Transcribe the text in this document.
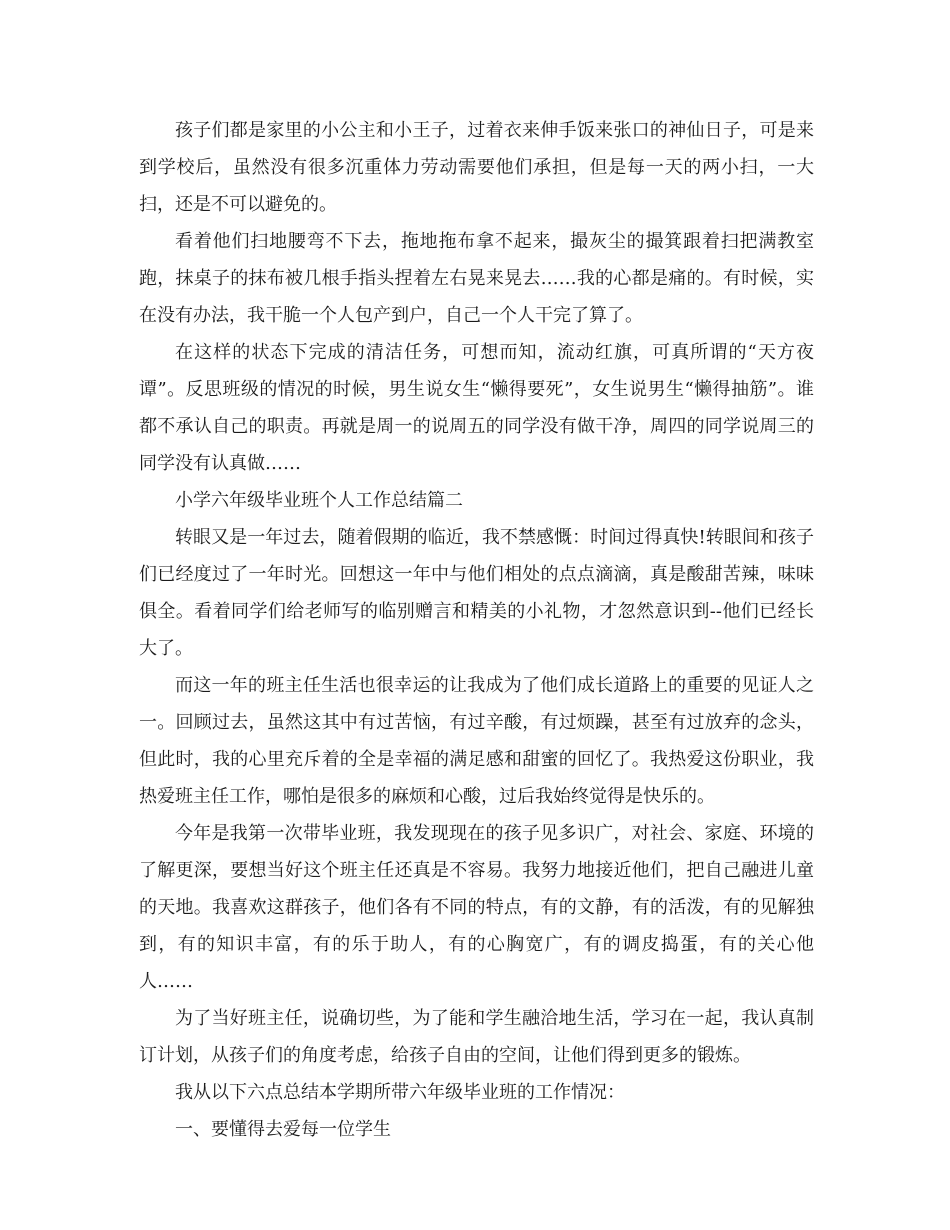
孩子们都是家里的小公主和小王子，过着衣来伸手饭来张口的神仙日子，可是来到学校后，虽然没有很多沉重体力劳动需要他们承担，但是每一天的两小扫，一大扫，还是不可以避免的。

看着他们扫地腰弯不下去，拖地拖布拿不起来，撮灰尘的撮箕跟着扫把满教室跑，抹桌子的抹布被几根手指头捏着左右晃来晃去……我的心都是痛的。有时候，实在没有办法，我干脆一个人包产到户，自己一个人干完了算了。

在这样的状态下完成的清洁任务，可想而知，流动红旗，可真所谓的“天方夜谭”。反思班级的情况的时候，男生说女生“懒得要死”，女生说男生“懒得抽筋”。谁都不承认自己的职责。再就是周一的说周五的同学没有做干净，周四的同学说周三的同学没有认真做……

小学六年级毕业班个人工作总结篇二

转眼又是一年过去，随着假期的临近，我不禁感慨：时间过得真快!转眼间和孩子们已经度过了一年时光。回想这一年中与他们相处的点点滴滴，真是酸甜苦辣，味味俱全。看着同学们给老师写的临别赠言和精美的小礼物，才忽然意识到--他们已经长大了。

而这一年的班主任生活也很幸运的让我成为了他们成长道路上的重要的见证人之一。回顾过去，虽然这其中有过苦恼，有过辛酸，有过烦躁，甚至有过放弃的念头，但此时，我的心里充斥着的全是幸福的满足感和甜蜜的回忆了。我热爱这份职业，我热爱班主任工作，哪怕是很多的麻烦和心酸，过后我始终觉得是快乐的。

今年是我第一次带毕业班，我发现现在的孩子见多识广，对社会、家庭、环境的了解更深，要想当好这个班主任还真是不容易。我努力地接近他们，把自己融进儿童的天地。我喜欢这群孩子，他们各有不同的特点，有的文静，有的活泼，有的见解独到，有的知识丰富，有的乐于助人，有的心胸宽广，有的调皮捣蛋，有的关心他人……

为了当好班主任，说确切些，为了能和学生融洽地生活，学习在一起，我认真制订计划，从孩子们的角度考虑，给孩子自由的空间，让他们得到更多的锻炼。

我从以下六点总结本学期所带六年级毕业班的工作情况：

一、要懂得去爱每一位学生
